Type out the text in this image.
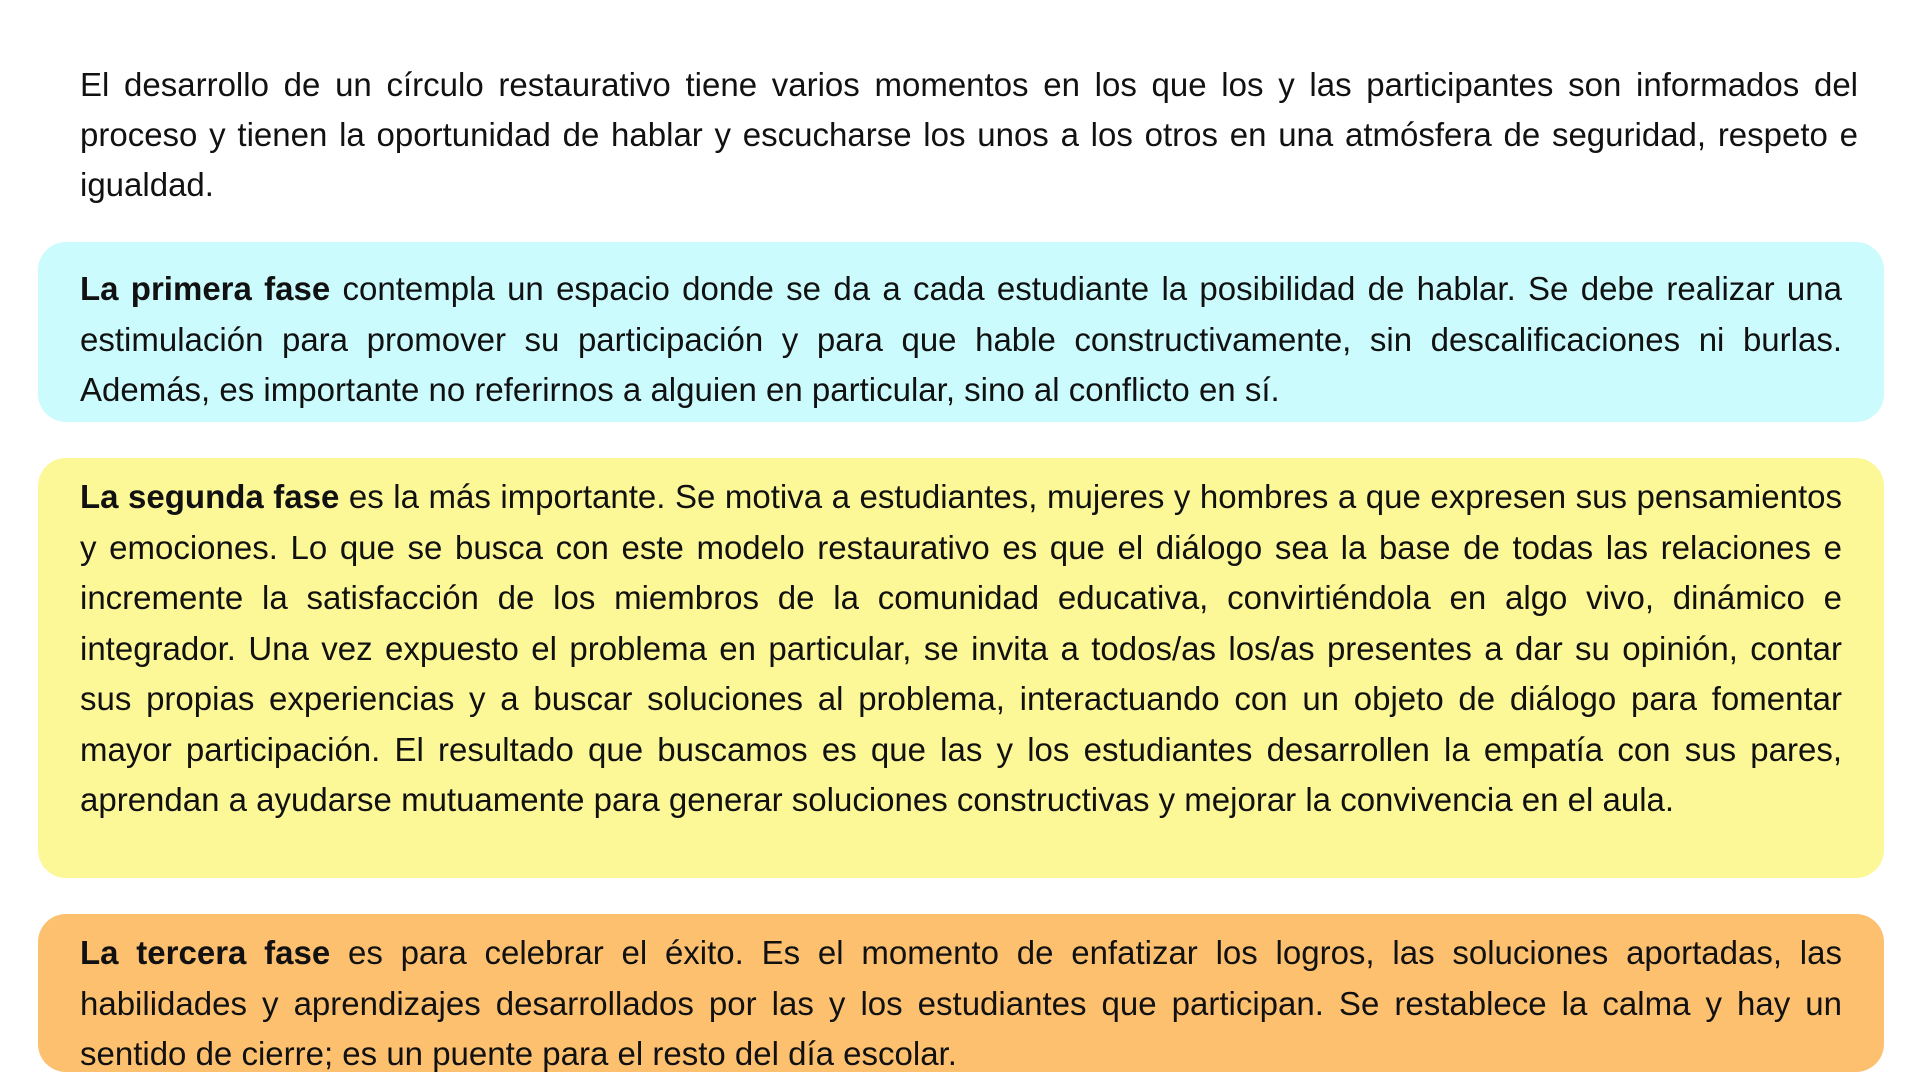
El desarrollo de un círculo restaurativo tiene varios momentos en los que los y las participantes son informados del proceso y tienen la oportunidad de hablar y escucharse los unos a los otros en una atmósfera de seguridad, respeto e igualdad.

La primera fase contempla un espacio donde se da a cada estudiante la posibilidad de hablar. Se debe realizar una estimulación para promover su participación y para que hable constructivamente, sin descalificaciones ni burlas. Además, es importante no referirnos a alguien en particular, sino al conflicto en sí.

La segunda fase es la más importante. Se motiva a estudiantes, mujeres y hombres a que expresen sus pensamientos y emociones. Lo que se busca con este modelo restaurativo es que el diálogo sea la base de todas las relaciones e incremente la satisfacción de los miembros de la comunidad educativa, convirtiéndola en algo vivo, dinámico e integrador. Una vez expuesto el problema en particular, se invita a todos/as los/as presentes a dar su opinión, contar sus propias experiencias y a buscar soluciones al problema, interactuando con un objeto de diálogo para fomentar mayor participación. El resultado que buscamos es que las y los estudiantes desarrollen la empatía con sus pares, aprendan a ayudarse mutuamente para generar soluciones constructivas y mejorar la convivencia en el aula.

La tercera fase es para celebrar el éxito. Es el momento de enfatizar los logros, las soluciones aportadas, las habilidades y aprendizajes desarrollados por las y los estudiantes que participan. Se restablece la calma y hay un sentido de cierre; es un puente para el resto del día escolar.
